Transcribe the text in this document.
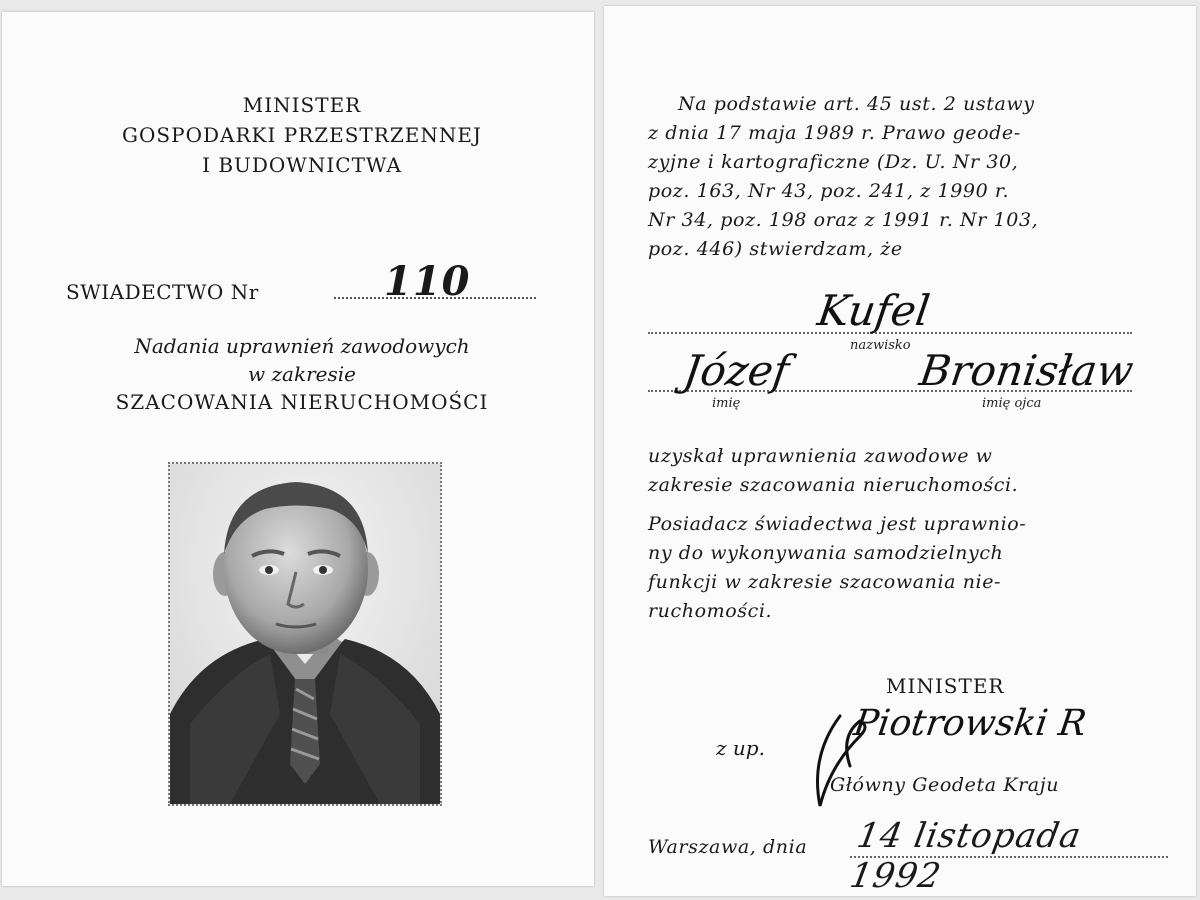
MINISTER
GOSPODARKI PRZESTRZENNEJ
I BUDOWNICTWA
SWIADECTWO Nr	110
Nadania uprawnień zawodowych
w zakresie
SZACOWANIA NIERUCHOMOŚCI
Na podstawie art. 45 ust. 2 ustawy
z dnia 17 maja 1989 r. Prawo geode-
zyjne i kartograficzne (Dz. U. Nr 30,
poz. 163, Nr 43, poz. 241, z 1990 r.
Nr 34, poz. 198 oraz z 1991 r. Nr 103,
poz. 446) stwierdzam, że
Kufel
nazwisko
Józef
imię
Bronisław
imię ojca
uzyskał uprawnienia zawodowe w
zakresie szacowania nieruchomości.
Posiadacz świadectwa jest uprawnio-
ny do wykonywania samodzielnych
funkcji w zakresie szacowania nie-
ruchomości.
MINISTER
z up.
Piotrowski R
Główny Geodeta Kraju
Warszawa, dnia 14 listopada 1992
